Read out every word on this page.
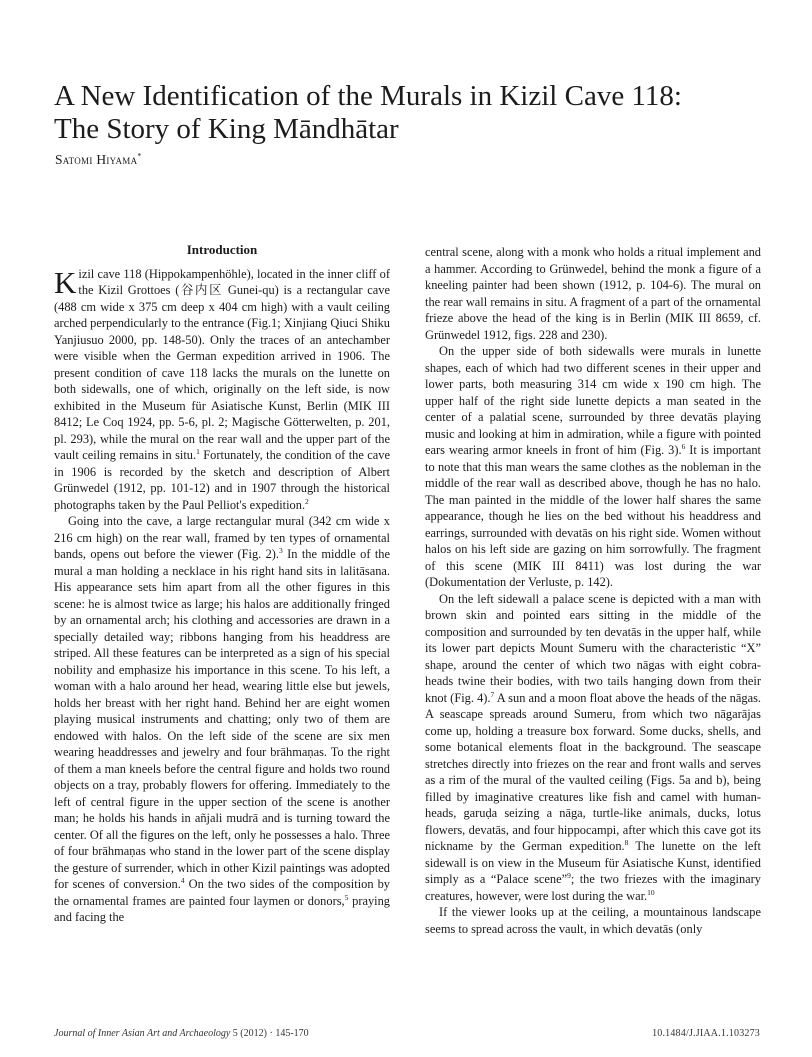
A New Identification of the Murals in Kizil Cave 118:
The Story of King Māndhātar
Satomi Hiyama*
Introduction

Kizil cave 118 (Hippokampenhöhle), located in the inner cliff of the Kizil Grottoes (谷内区 Gunei-qu) is a rectangular cave (488 cm wide x 375 cm deep x 404 cm high) with a vault ceiling arched perpendicularly to the entrance (Fig.1; Xinjiang Qiuci Shiku Yanjiusuo 2000, pp. 148-50). Only the traces of an antechamber were visible when the German expedition arrived in 1906. The present condition of cave 118 lacks the murals on the lunette on both sidewalls, one of which, originally on the left side, is now exhibited in the Museum für Asiatische Kunst, Berlin (MIK III 8412; Le Coq 1924, pp. 5-6, pl. 2; Magische Götterwelten, p. 201, pl. 293), while the mural on the rear wall and the upper part of the vault ceiling remains in situ.$^1$ Fortunately, the condition of the cave in 1906 is recorded by the sketch and description of Albert Grünwedel (1912, pp. 101-12) and in 1907 through the historical photographs taken by the Paul Pelliot's expedition.$^2$

Going into the cave, a large rectangular mural (342 cm wide x 216 cm high) on the rear wall, framed by ten types of ornamental bands, opens out before the viewer (Fig. 2).$^3$ In the middle of the mural a man holding a necklace in his right hand sits in lalitāsana. His appearance sets him apart from all the other figures in this scene: he is almost twice as large; his halos are additionally fringed by an ornamental arch; his clothing and accessories are drawn in a specially detailed way; ribbons hanging from his headdress are striped. All these features can be interpreted as a sign of his special nobility and emphasize his importance in this scene. To his left, a woman with a halo around her head, wearing little else but jewels, holds her breast with her right hand. Behind her are eight women playing musical instruments and chatting; only two of them are endowed with halos. On the left side of the scene are six men wearing headdresses and jewelry and four brāhmaṇas. To the right of them a man kneels before the central figure and holds two round objects on a tray, probably flowers for offering. Immediately to the left of central figure in the upper section of the scene is another man; he holds his hands in añjali mudrā and is turning toward the center. Of all the figures on the left, only he possesses a halo. Three of four brāhmaṇas who stand in the lower part of the scene display the gesture of surrender, which in other Kizil paintings was adopted for scenes of conversion.$^4$ On the two sides of the composition by the ornamental frames are painted four laymen or donors,$^5$ praying and facing the

central scene, along with a monk who holds a ritual implement and a hammer. According to Grünwedel, behind the monk a figure of a kneeling painter had been shown (1912, p. 104-6). The mural on the rear wall remains in situ. A fragment of a part of the ornamental frieze above the head of the king is in Berlin (MIK III 8659, cf. Grünwedel 1912, figs. 228 and 230).

On the upper side of both sidewalls were murals in lunette shapes, each of which had two different scenes in their upper and lower parts, both measuring 314 cm wide x 190 cm high. The upper half of the right side lunette depicts a man seated in the center of a palatial scene, surrounded by three devatās playing music and looking at him in admiration, while a figure with pointed ears wearing armor kneels in front of him (Fig. 3).$^6$ It is important to note that this man wears the same clothes as the nobleman in the middle of the rear wall as described above, though he has no halo. The man painted in the middle of the lower half shares the same appearance, though he lies on the bed without his headdress and earrings, surrounded with devatās on his right side. Women without halos on his left side are gazing on him sorrowfully. The fragment of this scene (MIK III 8411) was lost during the war (Dokumentation der Verluste, p. 142).

On the left sidewall a palace scene is depicted with a man with brown skin and pointed ears sitting in the middle of the composition and surrounded by ten devatās in the upper half, while its lower part depicts Mount Sumeru with the characteristic “X” shape, around the center of which two nāgas with eight cobra-heads twine their bodies, with two tails hanging down from their knot (Fig. 4).$^7$ A sun and a moon float above the heads of the nāgas. A seascape spreads around Sumeru, from which two nāgarājas come up, holding a treasure box forward. Some ducks, shells, and some botanical elements float in the background. The seascape stretches directly into friezes on the rear and front walls and serves as a rim of the mural of the vaulted ceiling (Figs. 5a and b), being filled by imaginative creatures like fish and camel with human-heads, garuḍa seizing a nāga, turtle-like animals, ducks, lotus flowers, devatās, and four hippocampi, after which this cave got its nickname by the German expedition.$^8$ The lunette on the left sidewall is on view in the Museum für Asiatische Kunst, identified simply as a “Palace scene”$^9$; the two friezes with the imaginary creatures, however, were lost during the war.$^{10}$

If the viewer looks up at the ceiling, a mountainous landscape seems to spread across the vault, in which devatās (only

Journal of Inner Asian Art and Archaeology 5 (2012) · 145-170	10.1484/J.JIAA.1.103273
